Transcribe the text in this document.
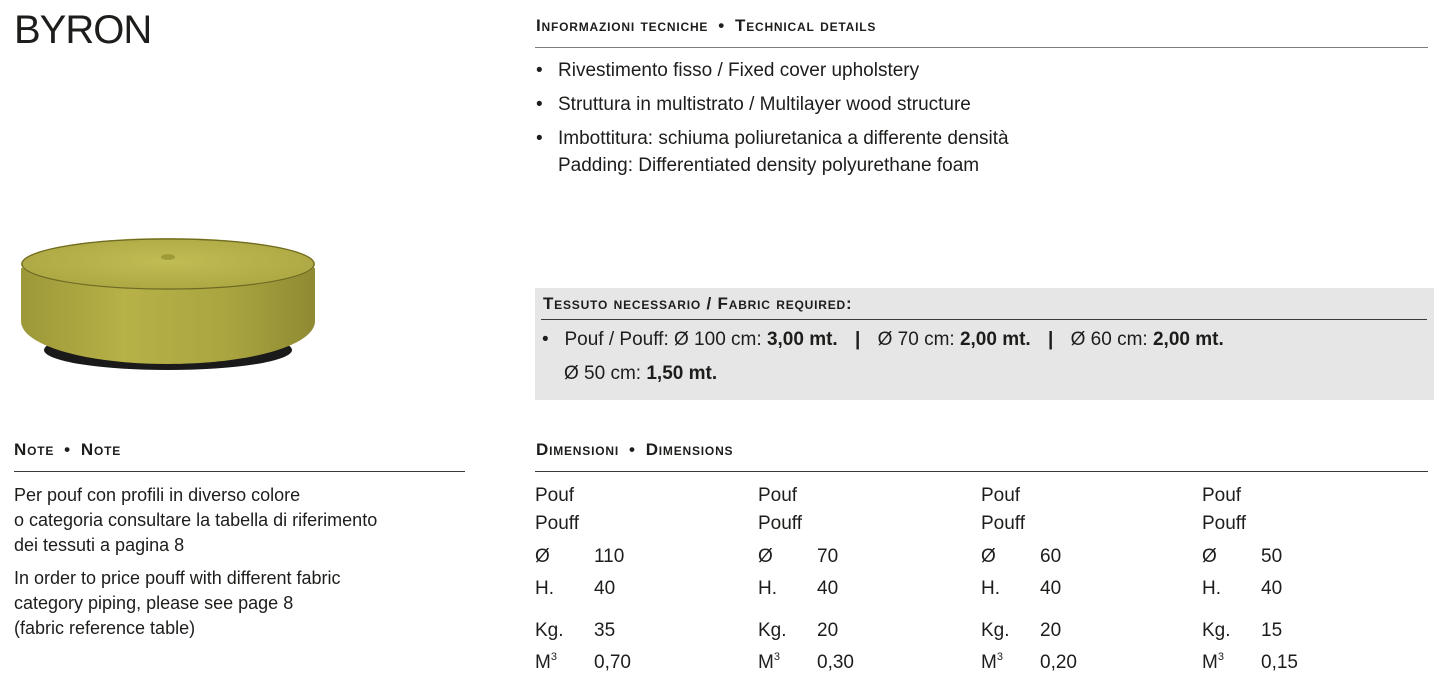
BYRON	Informazioni tecniche • Technical details
• Rivestimento fisso / Fixed cover upholstery
• Struttura in multistrato / Multilayer wood structure
• Imbottitura: schiuma poliuretanica a differente densità
Padding: Differentiated density polyurethane foam
Tessuto necessario / Fabric required:
• Pouf / Pouff: Ø 100 cm: 3,00 mt. | Ø 70 cm: 2,00 mt. | Ø 60 cm: 2,00 mt.
Ø 50 cm: 1,50 mt.
Note • Note

Per pouf con profili in diverso colore
o categoria consultare la tabella di riferimento
dei tessuti a pagina 8

In order to price pouff with different fabric
category piping, please see page 8
(fabric reference table)

Dimensioni • Dimensions
Pouf
Pouff
Ø 110
H. 40
Kg. 35
$M^3$ 0,70
Pouf
Pouff
Ø 70
H. 40
Kg. 20
$M^3$ 0,30
Pouf
Pouff
Ø 60
H. 40
Kg. 20
$M^3$ 0,20
Pouf
Pouff
Ø 50
H. 40
Kg. 15
$M^3$ 0,15
